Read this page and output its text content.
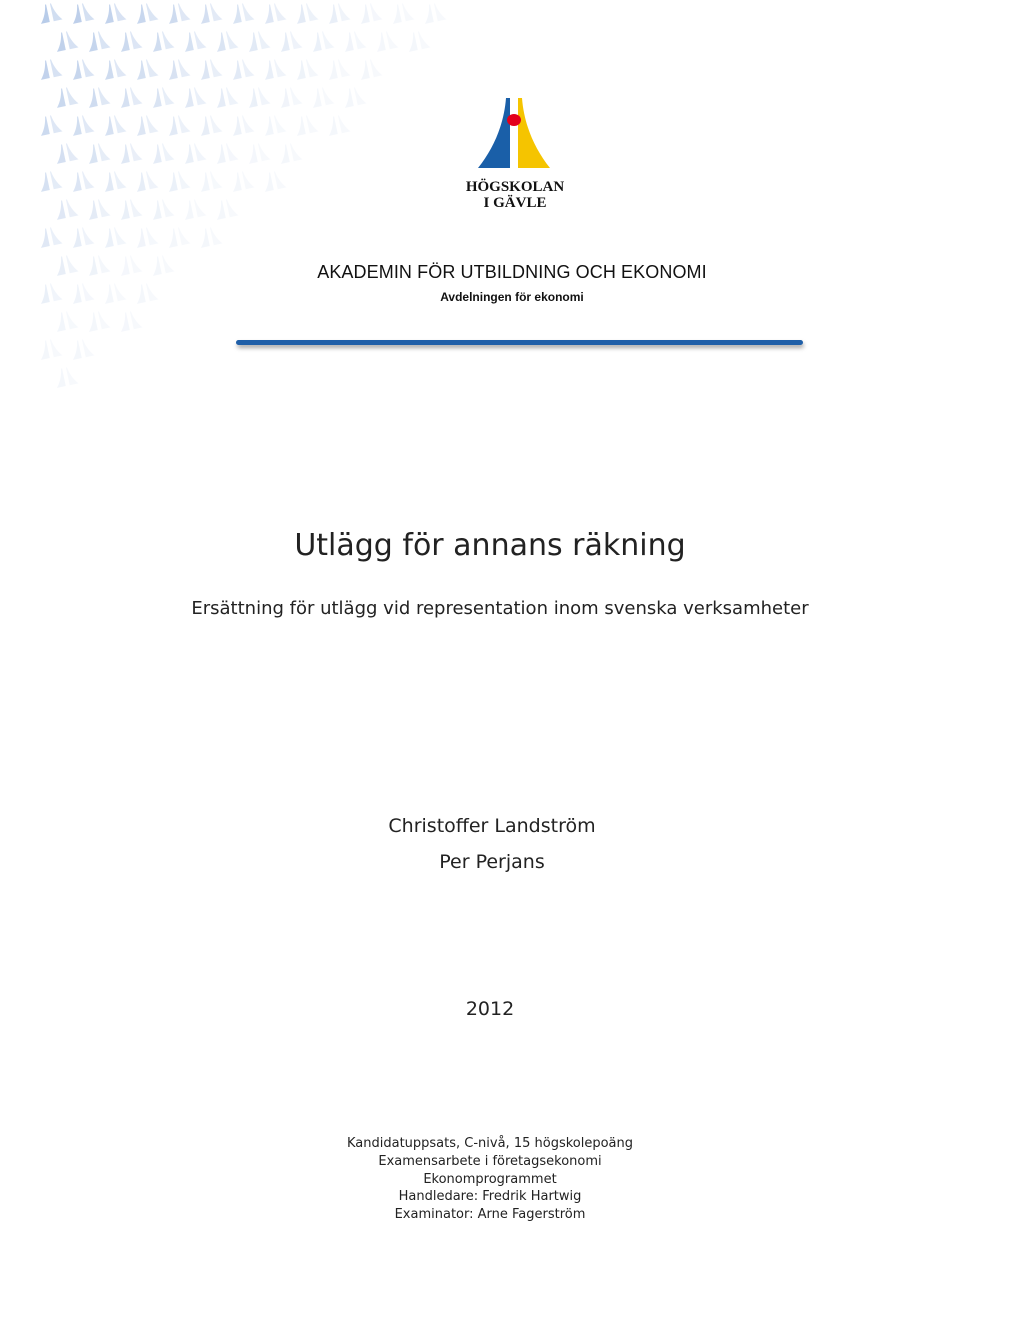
HÖGSKOLAN
I GÄVLE
AKADEMIN FÖR UTBILDNING OCH EKONOMI
Avdelningen för ekonomi
Utlägg för annans räkning
Ersättning för utlägg vid representation inom svenska verksamheter
Christoffer Landström
Per Perjans
2012
Kandidatuppsats, C-nivå, 15 högskolepoäng
Examensarbete i företagsekonomi
Ekonomprogrammet
Handledare: Fredrik Hartwig
Examinator: Arne Fagerström
